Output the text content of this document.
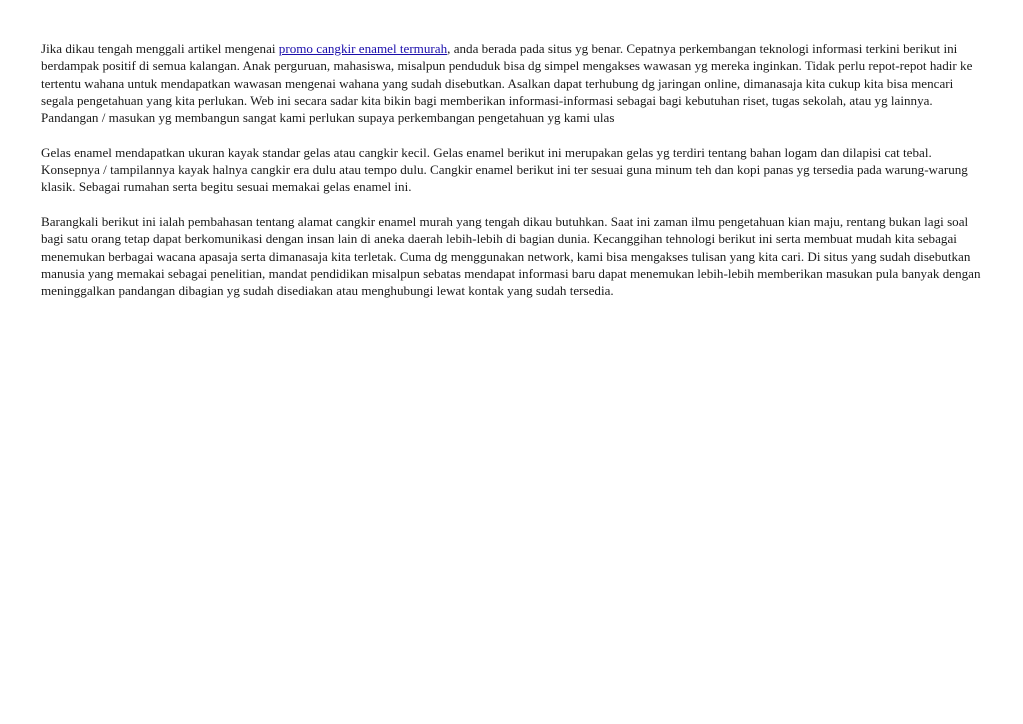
Jika dikau tengah menggali artikel mengenai promo cangkir enamel termurah, anda berada pada situs yg benar. Cepatnya perkembangan teknologi informasi terkini berikut ini berdampak positif di semua kalangan. Anak perguruan, mahasiswa, misalpun penduduk bisa dg simpel mengakses wawasan yg mereka inginkan. Tidak perlu repot-repot hadir ke tertentu wahana untuk mendapatkan wawasan mengenai wahana yang sudah disebutkan. Asalkan dapat terhubung dg jaringan online, dimanasaja kita cukup kita bisa mencari segala pengetahuan yang kita perlukan. Web ini secara sadar kita bikin bagi memberikan informasi-informasi sebagai bagi kebutuhan riset, tugas sekolah, atau yg lainnya. Pandangan / masukan yg membangun sangat kami perlukan supaya perkembangan pengetahuan yg kami ulas

Gelas enamel mendapatkan ukuran kayak standar gelas atau cangkir kecil. Gelas enamel berikut ini merupakan gelas yg terdiri tentang bahan logam dan dilapisi cat tebal. Konsepnya / tampilannya kayak halnya cangkir era dulu atau tempo dulu. Cangkir enamel berikut ini ter sesuai guna minum teh dan kopi panas yg tersedia pada warung-warung klasik. Sebagai rumahan serta begitu sesuai memakai gelas enamel ini.

Barangkali berikut ini ialah pembahasan tentang alamat cangkir enamel murah yang tengah dikau butuhkan. Saat ini zaman ilmu pengetahuan kian maju, rentang bukan lagi soal bagi satu orang tetap dapat berkomunikasi dengan insan lain di aneka daerah lebih-lebih di bagian dunia. Kecanggihan tehnologi berikut ini serta membuat mudah kita sebagai menemukan berbagai wacana apasaja serta dimanasaja kita terletak. Cuma dg menggunakan network, kami bisa mengakses tulisan yang kita cari. Di situs yang sudah disebutkan manusia yang memakai sebagai penelitian, mandat pendidikan misalpun sebatas mendapat informasi baru dapat menemukan lebih-lebih memberikan masukan pula banyak dengan meninggalkan pandangan dibagian yg sudah disediakan atau menghubungi lewat kontak yang sudah tersedia.
